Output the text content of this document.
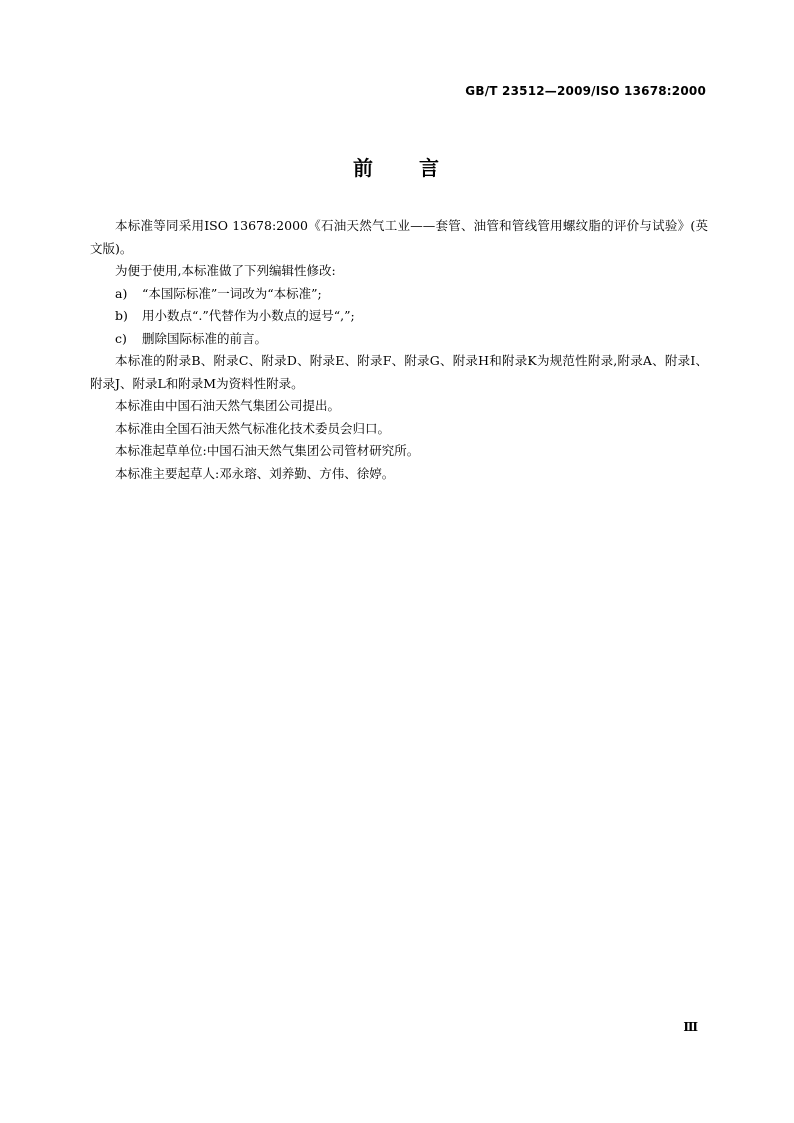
GB/T 23512—2009/ISO 13678:2000
前　　言

本标准等同采用ISO 13678:2000《石油天然气工业——套管、油管和管线管用螺纹脂的评价与试验》(英文版)。

为便于使用,本标准做了下列编辑性修改:

a) “本国际标准”一词改为“本标准”;

b) 用小数点“.”代替作为小数点的逗号“,”;

c) 删除国际标准的前言。

本标准的附录B、附录C、附录D、附录E、附录F、附录G、附录H和附录K为规范性附录,附录A、附录I、附录J、附录L和附录M为资料性附录。

本标准由中国石油天然气集团公司提出。

本标准由全国石油天然气标准化技术委员会归口。

本标准起草单位:中国石油天然气集团公司管材研究所。

本标准主要起草人:邓永瑢、刘养勤、方伟、徐婷。

Ⅲ
